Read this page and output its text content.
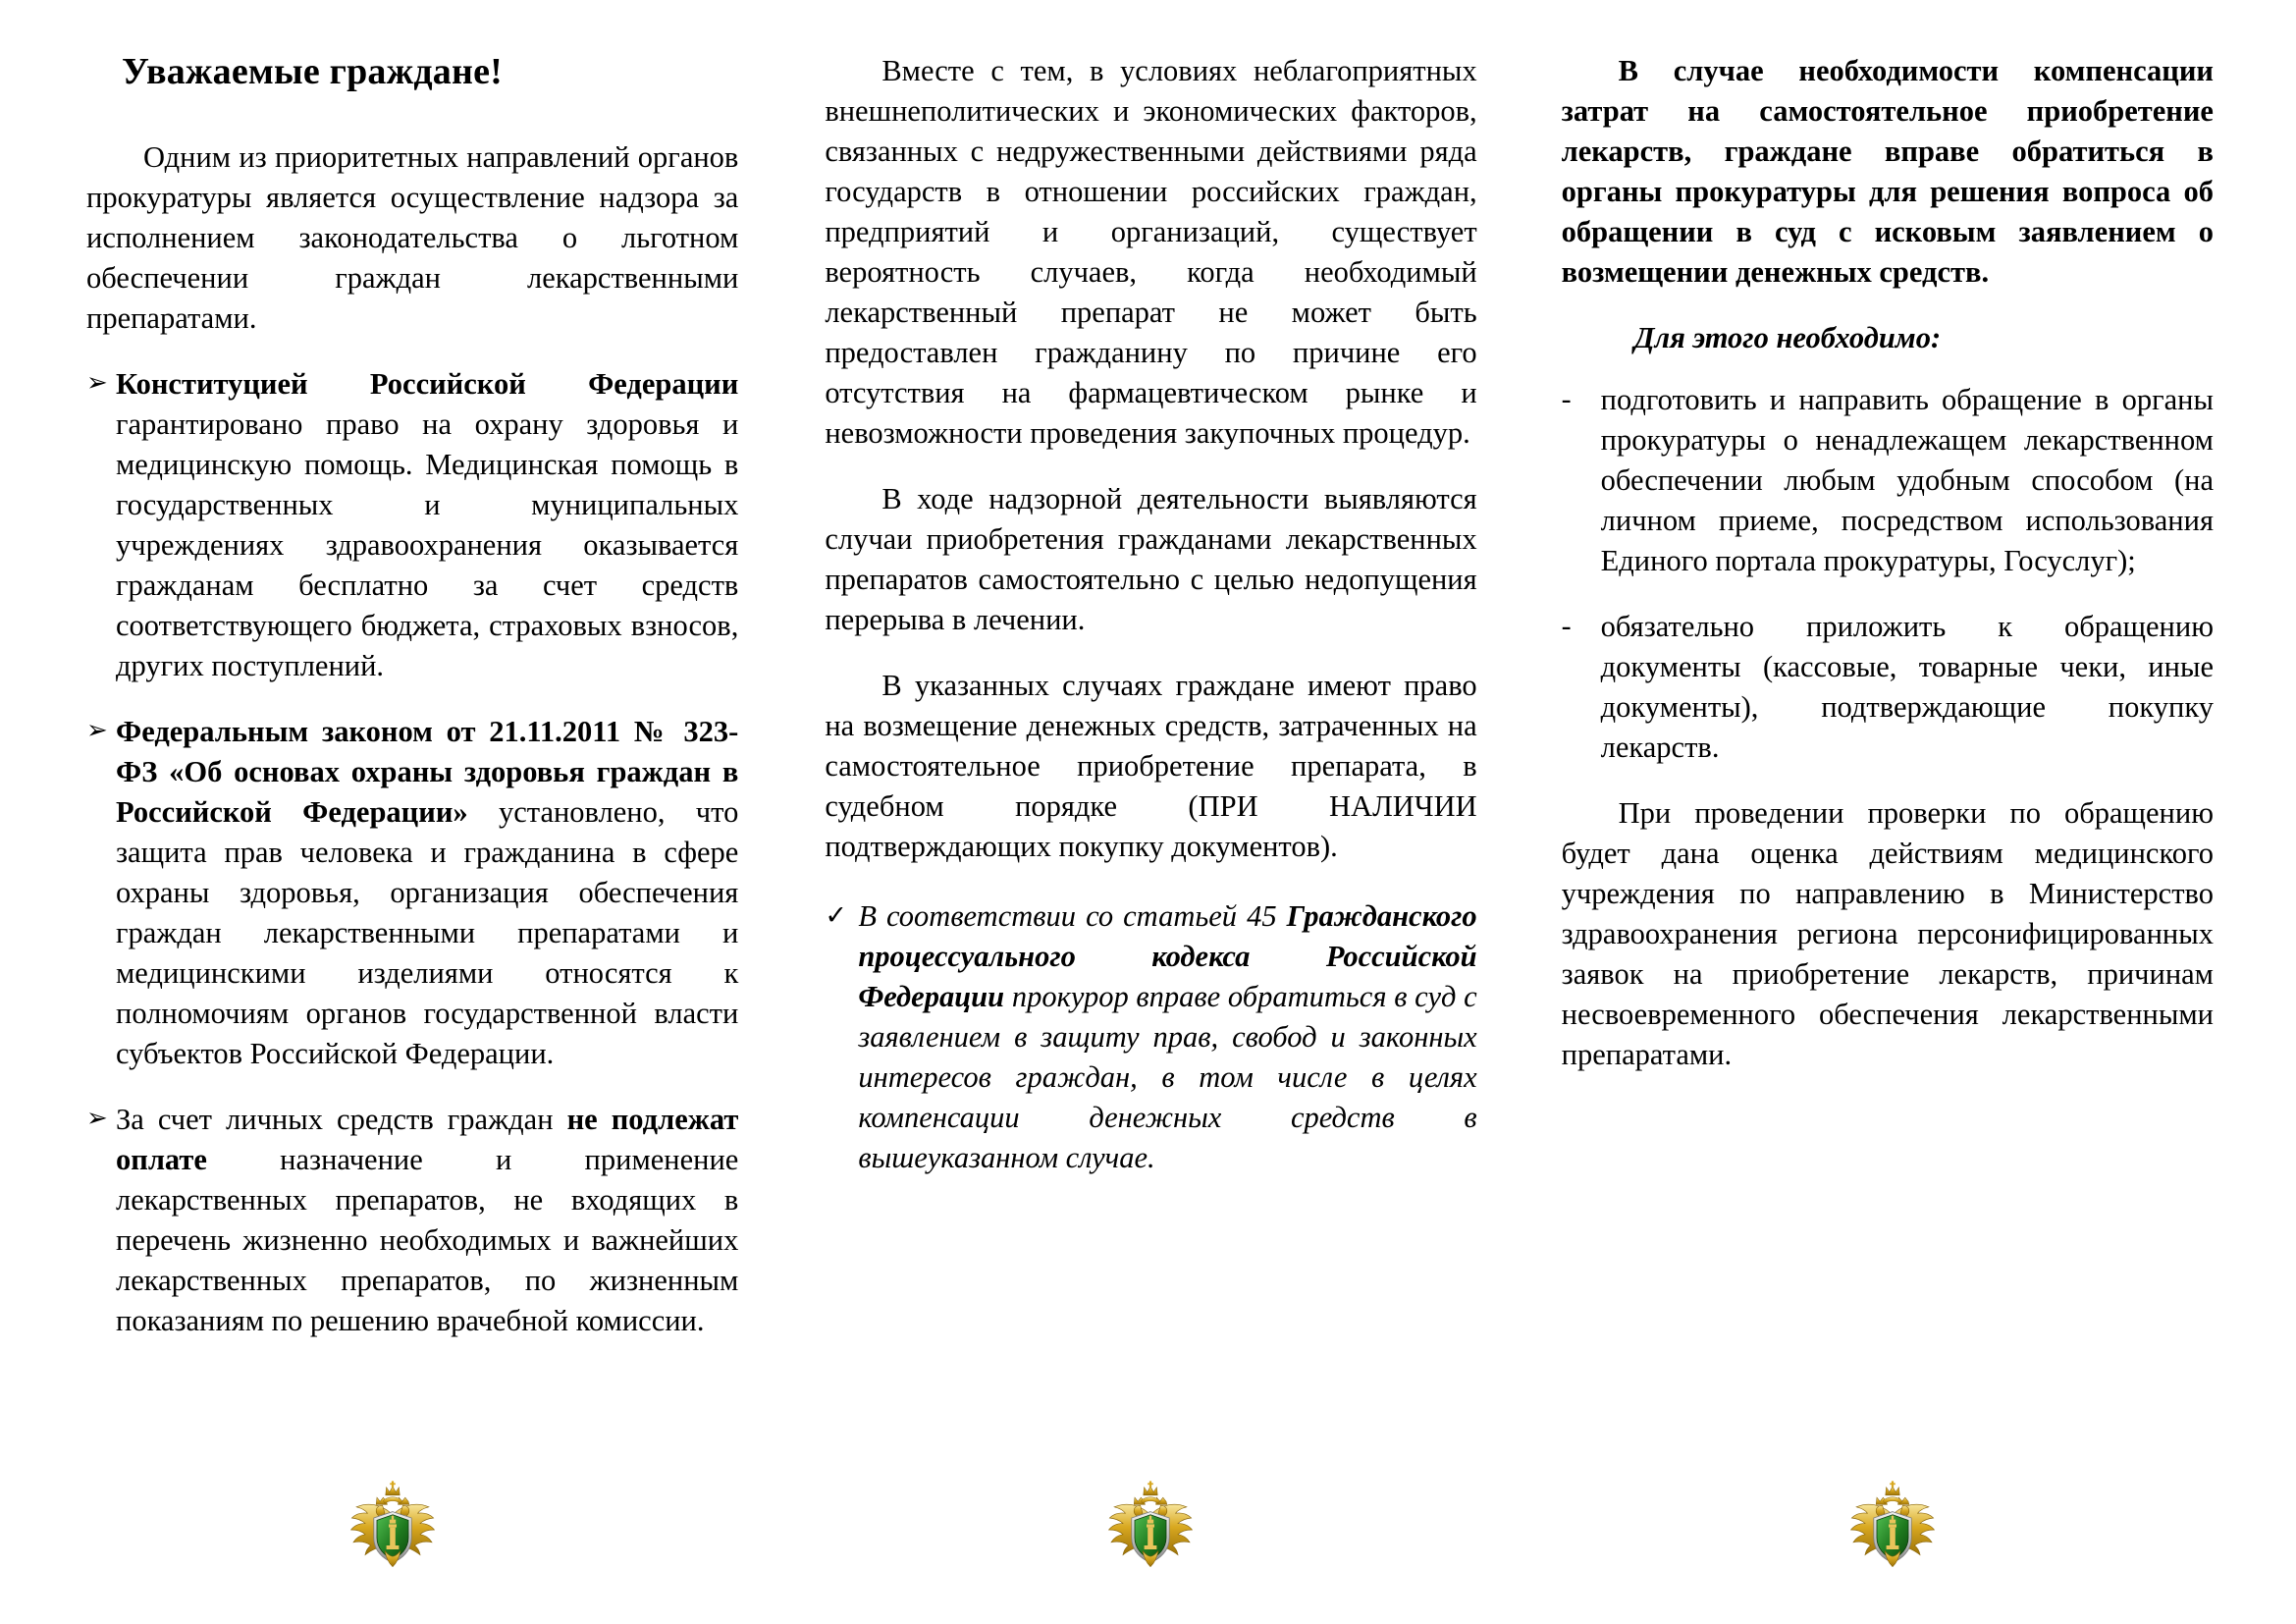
Уважаемые граждане!

Одним из приоритетных направлений органов прокуратуры является осуществление надзора за исполнением законодательства о льготном обеспечении граждан лекарственными препаратами.

➢ Конституцией Российской Федерации гарантировано право на охрану здоровья и медицинскую помощь. Медицинская помощь в государственных и муниципальных учреждениях здравоохранения оказывается гражданам бесплатно за счет средств соответствующего бюджета, страховых взносов, других поступлений.
➢ Федеральным законом от 21.11.2011 № 323-ФЗ «Об основах охраны здоровья граждан в Российской Федерации» установлено, что защита прав человека и гражданина в сфере охраны здоровья, организация обеспечения граждан лекарственными препаратами и медицинскими изделиями относятся к полномочиям органов государственной власти субъектов Российской Федерации.
➢ За счет личных средств граждан не подлежат оплате назначение и применение лекарственных препаратов, не входящих в перечень жизненно необходимых и важнейших лекарственных препаратов, по жизненным показаниям по решению врачебной комиссии.

Вместе с тем, в условиях неблагоприятных внешнеполитических и экономических факторов, связанных с недружественными действиями ряда государств в отношении российских граждан, предприятий и организаций, существует вероятность случаев, когда необходимый лекарственный препарат не может быть предоставлен гражданину по причине его отсутствия на фармацевтическом рынке и невозможности проведения закупочных процедур.

В ходе надзорной деятельности выявляются случаи приобретения гражданами лекарственных препаратов самостоятельно с целью недопущения перерыва в лечении.

В указанных случаях граждане имеют право на возмещение денежных средств, затраченных на самостоятельное приобретение препарата, в судебном порядке (ПРИ НАЛИЧИИ подтверждающих покупку документов).

✓ В соответствии со статьей 45 Гражданского процессуального кодекса Российской Федерации прокурор вправе обратиться в суд с заявлением в защиту прав, свобод и законных интересов граждан, в том числе в целях компенсации денежных средств в вышеуказанном случае.

В случае необходимости компенсации затрат на самостоятельное приобретение лекарств, граждане вправе обратиться в органы прокуратуры для решения вопроса об обращении в суд с исковым заявлением о возмещении денежных средств.

Для этого необходимо:
- подготовить и направить обращение в органы прокуратуры о ненадлежащем лекарственном обеспечении любым удобным способом (на личном приеме, посредством использования Единого портала прокуратуры, Госуслуг);
- обязательно приложить к обращению документы (кассовые, товарные чеки, иные документы), подтверждающие покупку лекарств.

При проведении проверки по обращению будет дана оценка действиям медицинского учреждения по направлению в Министерство здравоохранения региона персонифицированных заявок на приобретение лекарств, причинам несвоевременного обеспечения лекарственными препаратами.
